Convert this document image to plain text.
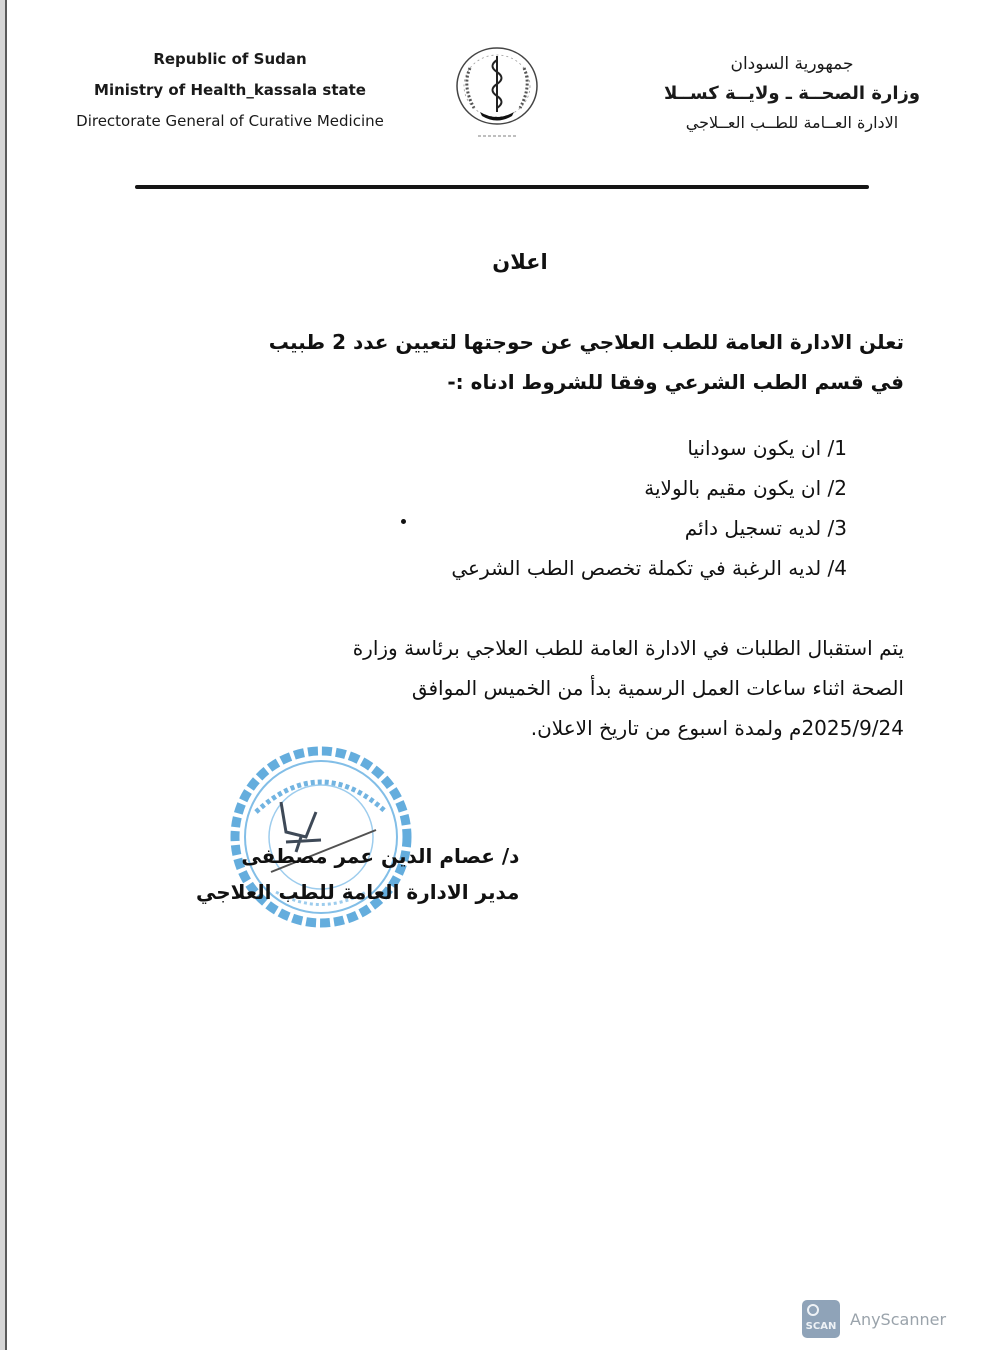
Republic of Sudan
Ministry of Health_kassala state
Directorate General of Curative Medicine
جمهورية السودان
وزارة الصحــة ـ ولايــة كســلا
الادارة العــامة للطــب العــلاجي
اعلان
تعلن الادارة العامة للطب العلاجي عن حوجتها لتعيين عدد 2 طبيب
في قسم الطب الشرعي وفقا للشروط ادناه :-
1/ ان يكون سودانيا
2/ ان يكون مقيم بالولاية
3/ لديه تسجيل دائم
4/ لديه الرغبة في تكملة تخصص الطب الشرعي
يتم استقبال الطلبات في الادارة العامة للطب العلاجي برئاسة وزارة
الصحة اثناء ساعات العمل الرسمية بدأ من الخميس الموافق
2025/9/24م ولمدة اسبوع من تاريخ الاعلان.
د/ عصام الدين عمر مصطفى
مدير الادارة العامة للطب العلاجي
SCAN AnyScanner
